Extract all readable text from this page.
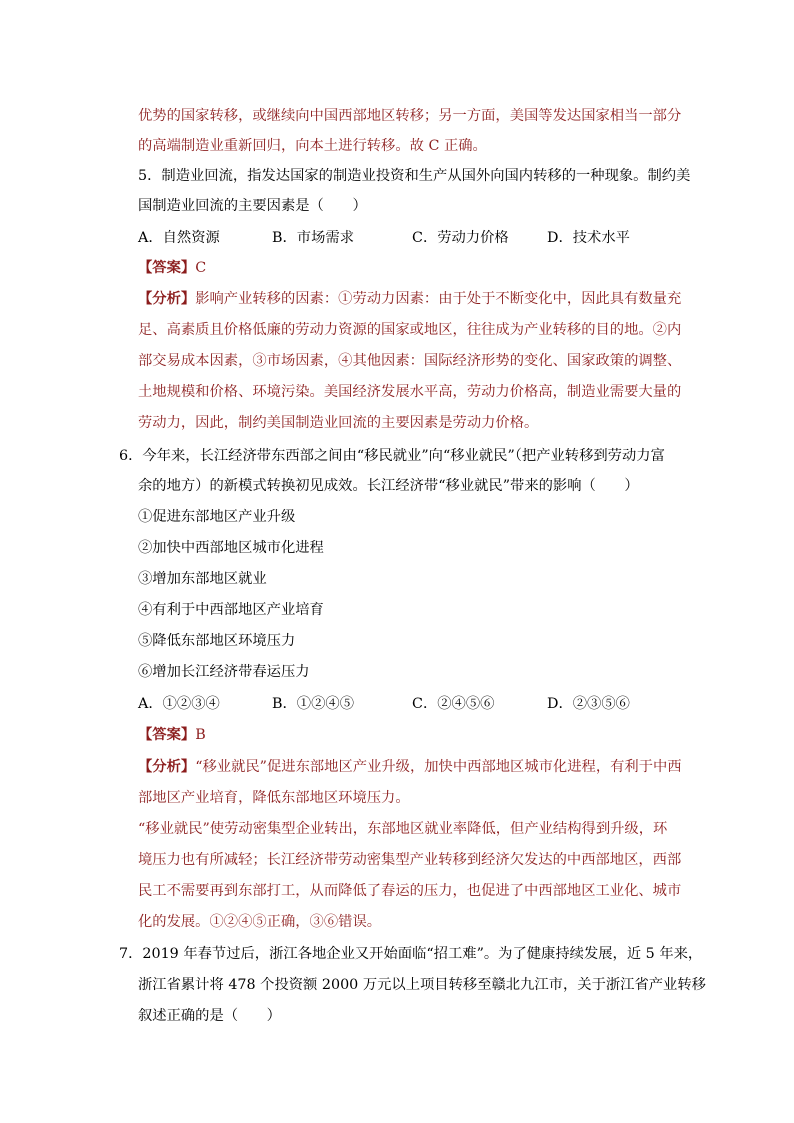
优势的国家转移，或继续向中国西部地区转移；另一方面，美国等发达国家相当一部分
的高端制造业重新回归，向本土进行转移。故 C 正确。
5．制造业回流，指发达国家的制造业投资和生产从国外向国内转移的一种现象。制约美
国制造业回流的主要因素是（　　）
A．自然资源	B．市场需求	C．劳动力价格	D．技术水平
【答案】C
【分析】影响产业转移的因素：①劳动力因素：由于处于不断变化中，因此具有数量充
足、高素质且价格低廉的劳动力资源的国家或地区，往往成为产业转移的目的地。②内
部交易成本因素，③市场因素，④其他因素：国际经济形势的变化、国家政策的调整、
土地规模和价格、环境污染。美国经济发展水平高，劳动力价格高，制造业需要大量的
劳动力，因此，制约美国制造业回流的主要因素是劳动力价格。
6．今年来，长江经济带东西部之间由“移民就业”向“移业就民”（把产业转移到劳动力富
余的地方）的新模式转换初见成效。长江经济带“移业就民”带来的影响（　　）
①促进东部地区产业升级
②加快中西部地区城市化进程
③增加东部地区就业
④有利于中西部地区产业培育
⑤降低东部地区环境压力
⑥增加长江经济带春运压力
A．①②③④	B．①②④⑤	C．②④⑤⑥	D．②③⑤⑥
【答案】B
【分析】“移业就民”促进东部地区产业升级，加快中西部地区城市化进程，有利于中西
部地区产业培育，降低东部地区环境压力。
“移业就民”使劳动密集型企业转出，东部地区就业率降低，但产业结构得到升级，环
境压力也有所减轻；长江经济带劳动密集型产业转移到经济欠发达的中西部地区，西部
民工不需要再到东部打工，从而降低了春运的压力，也促进了中西部地区工业化、城市
化的发展。①②④⑤正确，③⑥错误。
7．2019 年春节过后，浙江各地企业又开始面临“招工难”。为了健康持续发展，近 5 年来，
浙江省累计将 478 个投资额 2000 万元以上项目转移至赣北九江市，关于浙江省产业转移
叙述正确的是（　　）
